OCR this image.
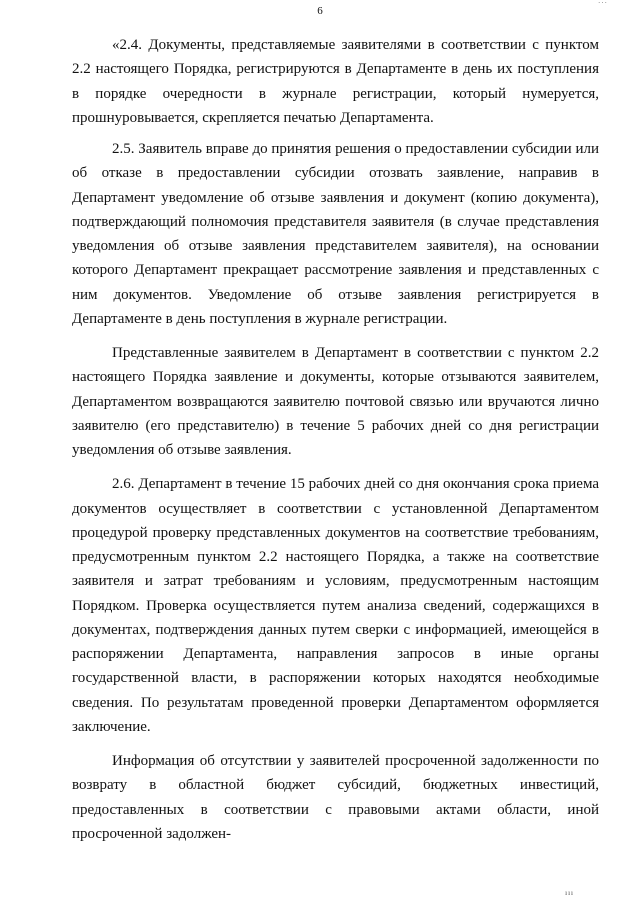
···
6

«2.4. Документы, представляемые заявителями в соответствии с пунктом 2.2 настоящего Порядка, регистрируются в Департаменте в день их поступления в порядке очередности в журнале регистрации, который нумеруется, прошнуровывается, скрепляется печатью Департамента.

2.5. Заявитель вправе до принятия решения о предоставлении субсидии или об отказе в предоставлении субсидии отозвать заявление, направив в Департамент уведомление об отзыве заявления и документ (копию документа), подтверждающий полномочия представителя заявителя (в случае представления уведомления об отзыве заявления представителем заявителя), на основании которого Департамент прекращает рассмотрение заявления и представленных с ним документов. Уведомление об отзыве заявления регистрируется в Департаменте в день поступления в журнале регистрации.

Представленные заявителем в Департамент в соответствии с пунктом 2.2 настоящего Порядка заявление и документы, которые отзываются заявителем, Департаментом возвращаются заявителю почтовой связью или вручаются лично заявителю (его представителю) в течение 5 рабочих дней со дня регистрации уведомления об отзыве заявления.

2.6. Департамент в течение 15 рабочих дней со дня окончания срока приема документов осуществляет в соответствии с установленной Департаментом процедурой проверку представленных документов на соответствие требованиям, предусмотренным пунктом 2.2 настоящего Порядка, а также на соответствие заявителя и затрат требованиям и условиям, предусмотренным настоящим Порядком. Проверка осуществляется путем анализа сведений, содержащихся в документах, подтверждения данных путем сверки с информацией, имеющейся в распоряжении Департамента, направления запросов в иные органы государственной власти, в распоряжении которых находятся необходимые сведения. По результатам проведенной проверки Департаментом оформляется заключение.

Информация об отсутствии у заявителей просроченной задолженности по возврату в областной бюджет субсидий, бюджетных инвестиций, предоставленных в соответствии с правовыми актами области, иной просроченной задолжен-

ııı
